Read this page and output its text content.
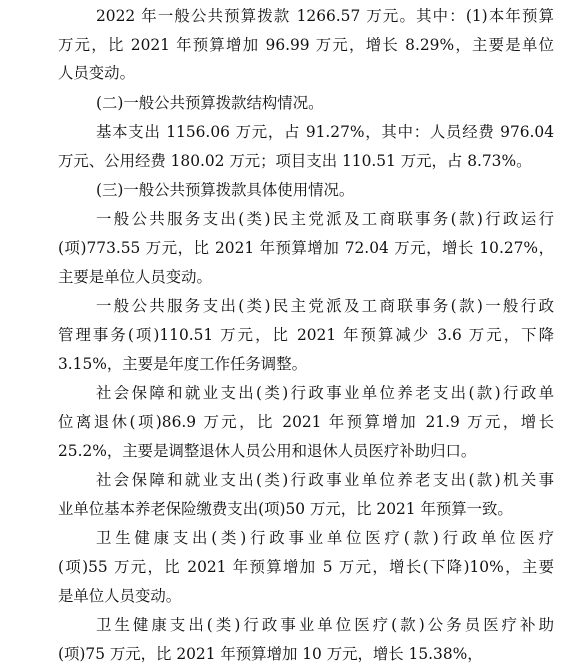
2022 年一般公共预算拨款 1266.57 万元。其中：(1)本年预算
万元，比 2021 年预算增加 96.99 万元，增长 8.29%，主要是单位
人员变动。
(二)一般公共预算拨款结构情况。
基本支出 1156.06 万元，占 91.27%，其中：人员经费 976.04
万元、公用经费 180.02 万元；项目支出 110.51 万元，占 8.73%。
(三)一般公共预算拨款具体使用情况。
一般公共服务支出(类)民主党派及工商联事务(款)行政运行
(项)773.55 万元，比 2021 年预算增加 72.04 万元，增长 10.27%，
主要是单位人员变动。
一般公共服务支出(类)民主党派及工商联事务(款)一般行政
管理事务(项)110.51 万元，比 2021 年预算减少 3.6 万元，下降
3.15%，主要是年度工作任务调整。
社会保障和就业支出(类)行政事业单位养老支出(款)行政单
位离退休(项)86.9 万元，比 2021 年预算增加 21.9 万元，增长
25.2%，主要是调整退休人员公用和退休人员医疗补助归口。
社会保障和就业支出(类)行政事业单位养老支出(款)机关事
业单位基本养老保险缴费支出(项)50 万元，比 2021 年预算一致。
卫生健康支出(类)行政事业单位医疗(款)行政单位医疗
(项)55 万元，比 2021 年预算增加 5 万元，增长(下降)10%，主要
是单位人员变动。
卫生健康支出(类)行政事业单位医疗(款)公务员医疗补助
(项)75 万元，比 2021 年预算增加 10 万元，增长 15.38%，
